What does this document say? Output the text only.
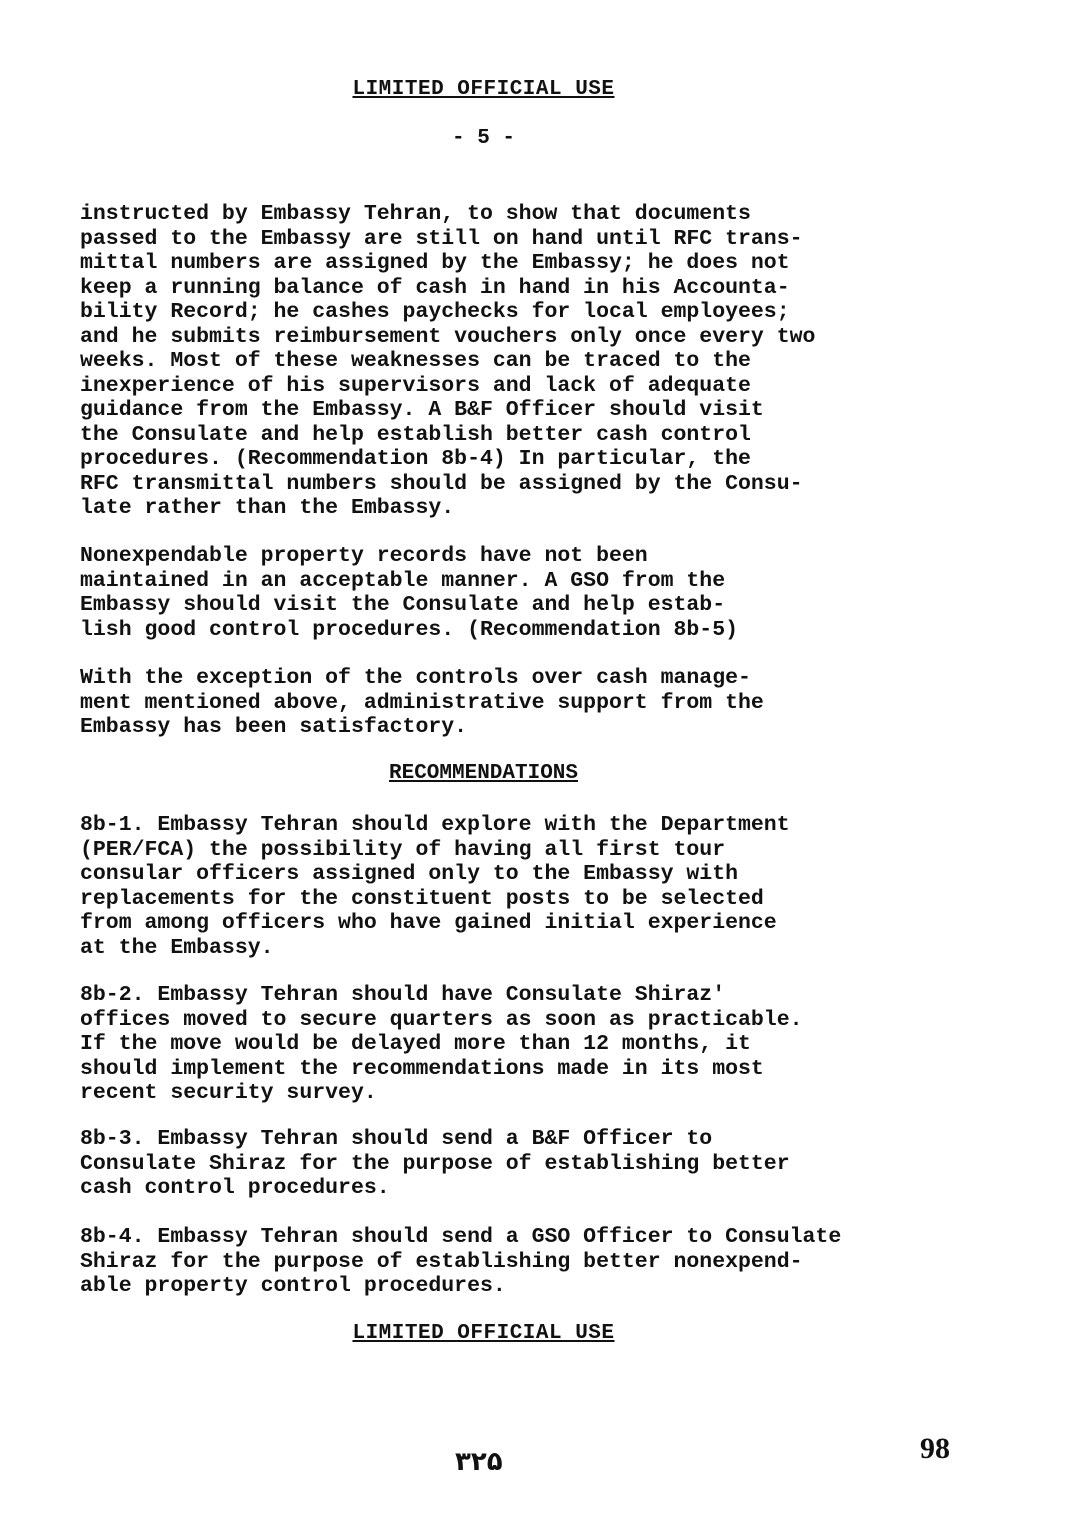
LIMITED OFFICIAL USE
- 5 -

instructed by Embassy Tehran, to show that documents
passed to the Embassy are still on hand until RFC trans-
mittal numbers are assigned by the Embassy; he does not
keep a running balance of cash in hand in his Accounta-
bility Record; he cashes paychecks for local employees;
and he submits reimbursement vouchers only once every two
weeks. Most of these weaknesses can be traced to the
inexperience of his supervisors and lack of adequate
guidance from the Embassy. A B&F Officer should visit
the Consulate and help establish better cash control
procedures. (Recommendation 8b-4) In particular, the
RFC transmittal numbers should be assigned by the Consu-
late rather than the Embassy.

Nonexpendable property records have not been
maintained in an acceptable manner. A GSO from the
Embassy should visit the Consulate and help estab-
lish good control procedures. (Recommendation 8b-5)

With the exception of the controls over cash manage-
ment mentioned above, administrative support from the
Embassy has been satisfactory.

RECOMMENDATIONS

8b-1. Embassy Tehran should explore with the Department
(PER/FCA) the possibility of having all first tour
consular officers assigned only to the Embassy with
replacements for the constituent posts to be selected
from among officers who have gained initial experience
at the Embassy.

8b-2. Embassy Tehran should have Consulate Shiraz'
offices moved to secure quarters as soon as practicable.
If the move would be delayed more than 12 months, it
should implement the recommendations made in its most
recent security survey.

8b-3. Embassy Tehran should send a B&F Officer to
Consulate Shiraz for the purpose of establishing better
cash control procedures.

8b-4. Embassy Tehran should send a GSO Officer to Consulate
Shiraz for the purpose of establishing better nonexpend-
able property control procedures.

LIMITED OFFICIAL USE
۳۲۵	98
